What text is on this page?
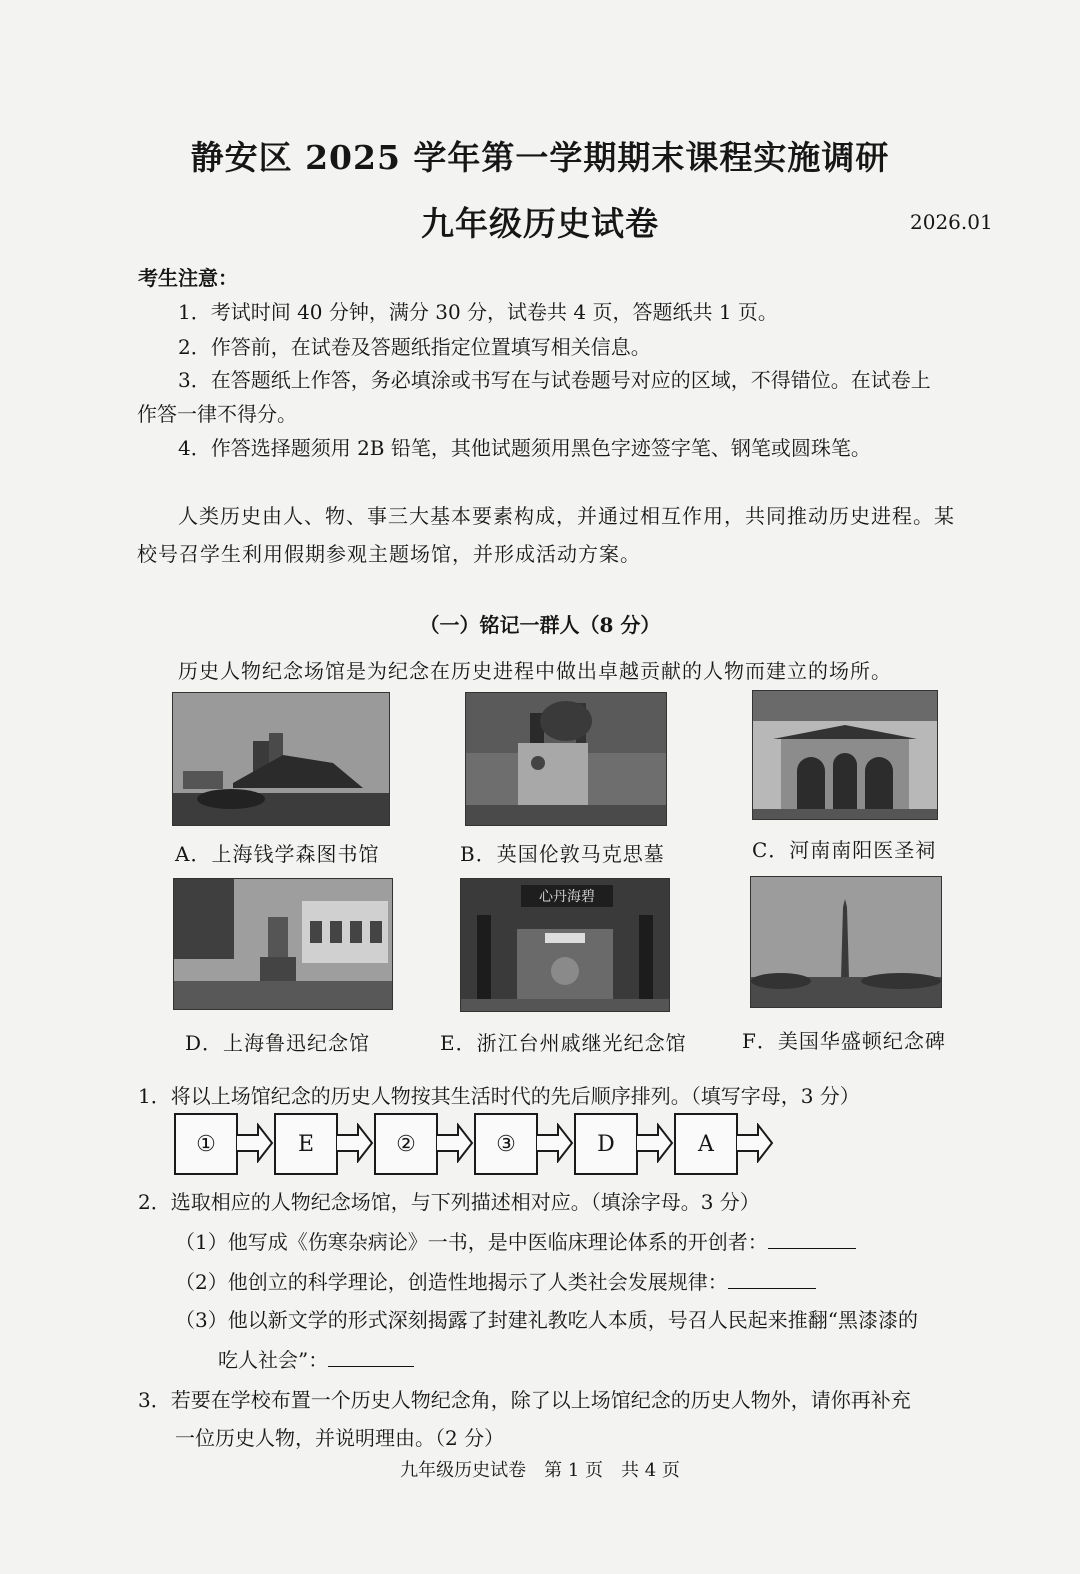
静安区 2025 学年第一学期期末课程实施调研
九年级历史试卷	2026.01
考生注意：
1．考试时间 40 分钟，满分 30 分，试卷共 4 页，答题纸共 1 页。
2．作答前，在试卷及答题纸指定位置填写相关信息。
3．在答题纸上作答，务必填涂或书写在与试卷题号对应的区域，不得错位。在试卷上
作答一律不得分。
4．作答选择题须用 2B 铅笔，其他试题须用黑色字迹签字笔、钢笔或圆珠笔。
人类历史由人、物、事三大基本要素构成，并通过相互作用，共同推动历史进程。某
校号召学生利用假期参观主题场馆，并形成活动方案。
（一）铭记一群人（8 分）
历史人物纪念场馆是为纪念在历史进程中做出卓越贡献的人物而建立的场所。
A．上海钱学森图书馆	B．英国伦敦马克思墓	C．河南南阳医圣祠
心丹海碧
D．上海鲁迅纪念馆	E．浙江台州戚继光纪念馆	F．美国华盛顿纪念碑
1．将以上场馆纪念的历史人物按其生活时代的先后顺序排列。（填写字母，3 分）
①	E	②	③	D	A
2．选取相应的人物纪念场馆，与下列描述相对应。（填涂字母。3 分）
（1）他写成《伤寒杂病论》一书，是中医临床理论体系的开创者：
（2）他创立的科学理论，创造性地揭示了人类社会发展规律：
（3）他以新文学的形式深刻揭露了封建礼教吃人本质，号召人民起来推翻“黑漆漆的
吃人社会”：
3．若要在学校布置一个历史人物纪念角，除了以上场馆纪念的历史人物外，请你再补充
一位历史人物，并说明理由。（2 分）
九年级历史试卷　第 1 页　共 4 页
